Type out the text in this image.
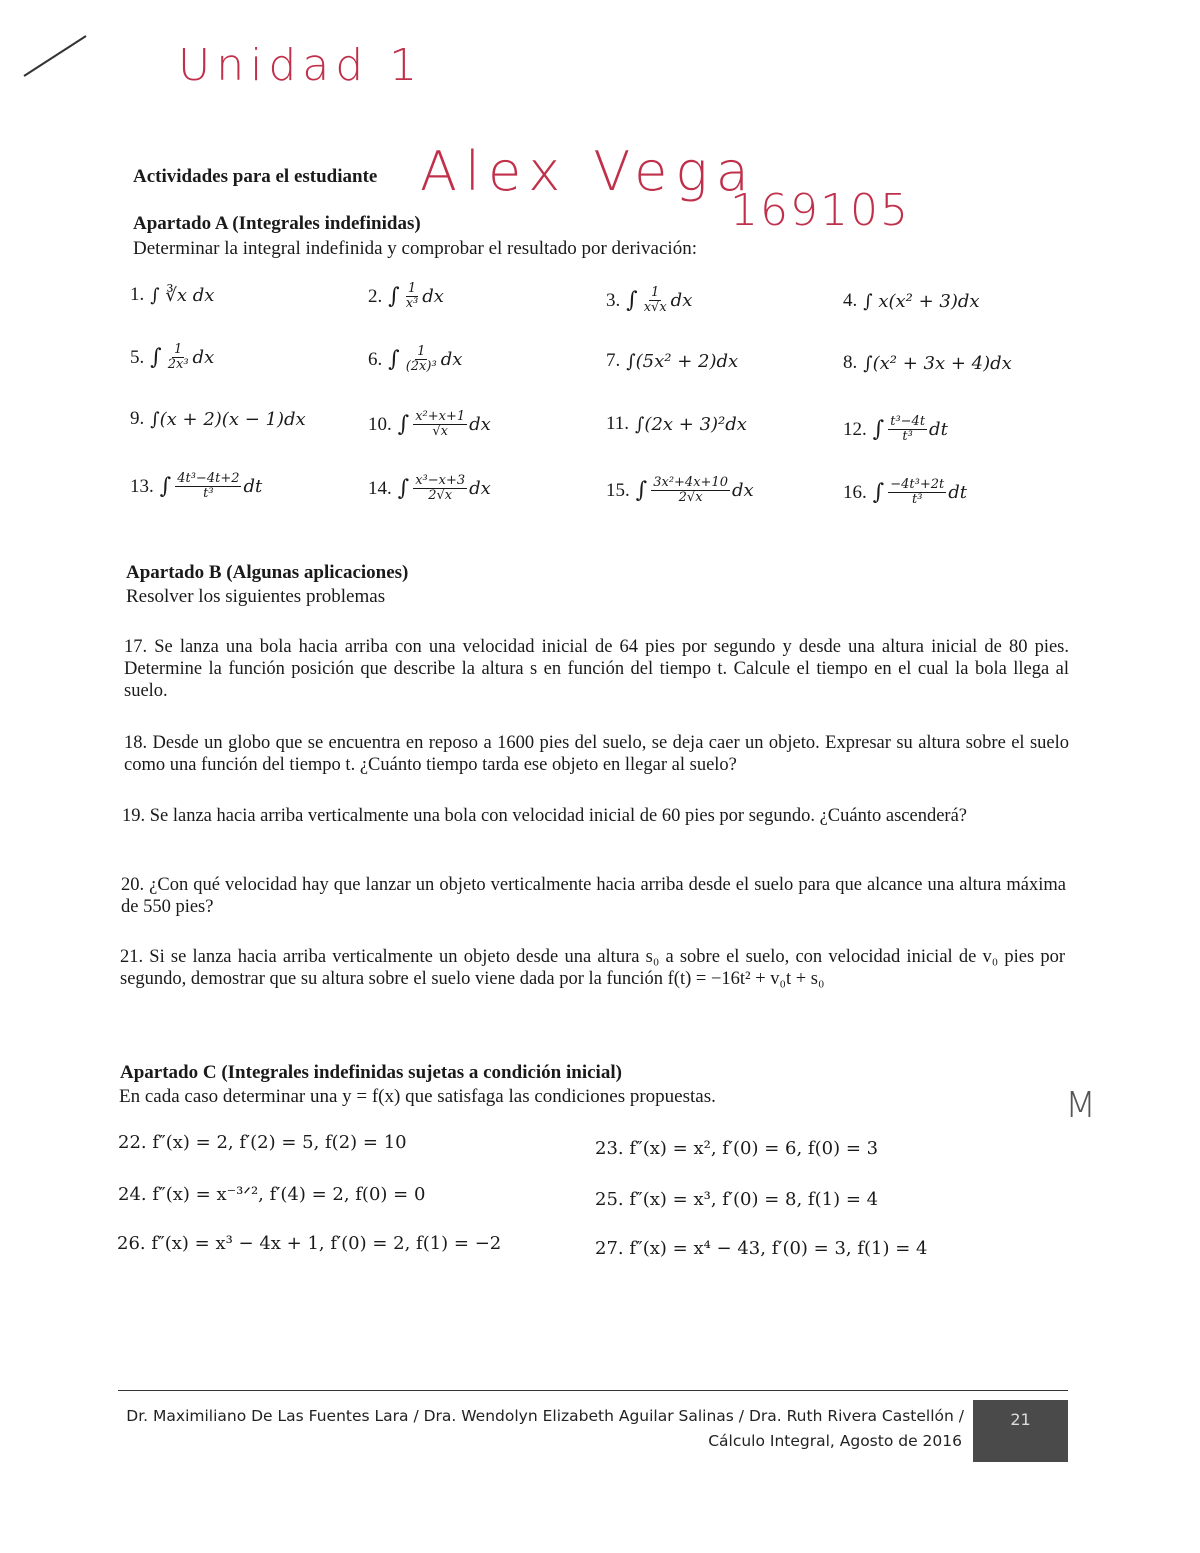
Unidad 1
Alex Vega
169105
M
Actividades para el estudiante
Apartado A (Integrales indefinidas)
Determinar la integral indefinida y comprobar el resultado por derivación:
1. ∫ ∛x dx	2. ∫ $\frac{1}{\text{x³}}$ dx	3. ∫ $\frac{1}{x√x}$ dx	4. ∫ x(x² + 3)dx
5. ∫ $\frac{1}{\text{2x³}}$ dx	6. ∫ $\frac{1}{\text{(2x)³}}$ dx	7. ∫(5x² + 2)dx	8. ∫(x² + 3x + 4)dx
9. ∫(x + 2)(x − 1)dx	10. ∫ $\frac{\text{x²+x+1}}{√x}$ dx	11. ∫(2x + 3)²dx	12. ∫ $\frac{\text{t³−4t}}{\text{t³}}$ dt
13. ∫ $\frac{\text{4t³−4t+2}}{\text{t³}}$ dt	14. ∫ $\frac{\text{x³−x+3}}{2√x}$ dx	15. ∫ $\frac{\text{3x²+4x+10}}{2√x}$ dx	16. ∫ $\frac{\text{−4t³+2t}}{\text{t³}}$ dt
Apartado B (Algunas aplicaciones)
Resolver los siguientes problemas
17. Se lanza una bola hacia arriba con una velocidad inicial de 64 pies por segundo y desde una altura inicial de 80 pies. Determine la función posición que describe la altura s en función del tiempo t. Calcule el tiempo en el cual la bola llega al suelo.
18. Desde un globo que se encuentra en reposo a 1600 pies del suelo, se deja caer un objeto. Expresar su altura sobre el suelo como una función del tiempo t. ¿Cuánto tiempo tarda ese objeto en llegar al suelo?
19. Se lanza hacia arriba verticalmente una bola con velocidad inicial de 60 pies por segundo. ¿Cuánto ascenderá?
20. ¿Con qué velocidad hay que lanzar un objeto verticalmente hacia arriba desde el suelo para que alcance una altura máxima de 550 pies?
21. Si se lanza hacia arriba verticalmente un objeto desde una altura s₀ a sobre el suelo, con velocidad inicial de v₀ pies por segundo, demostrar que su altura sobre el suelo viene dada por la función f(t) = −16t² + v₀t + s₀
Apartado C (Integrales indefinidas sujetas a condición inicial)
En cada caso determinar una y = f(x) que satisfaga las condiciones propuestas.
22. f″(x) = 2, f′(2) = 5, f(2) = 10	23. f″(x) = x², f′(0) = 6, f(0) = 3
24. f″(x) = x⁻³ᐟ², f′(4) = 2, f(0) = 0	25. f″(x) = x³, f′(0) = 8, f(1) = 4
26. f″(x) = x³ − 4x + 1, f′(0) = 2, f(1) = −2	27. f″(x) = x⁴ − 43, f′(0) = 3, f(1) = 4
Dr. Maximiliano De Las Fuentes Lara / Dra. Wendolyn Elizabeth Aguilar Salinas / Dra. Ruth Rivera Castellón /
Cálculo Integral, Agosto de 2016
21
